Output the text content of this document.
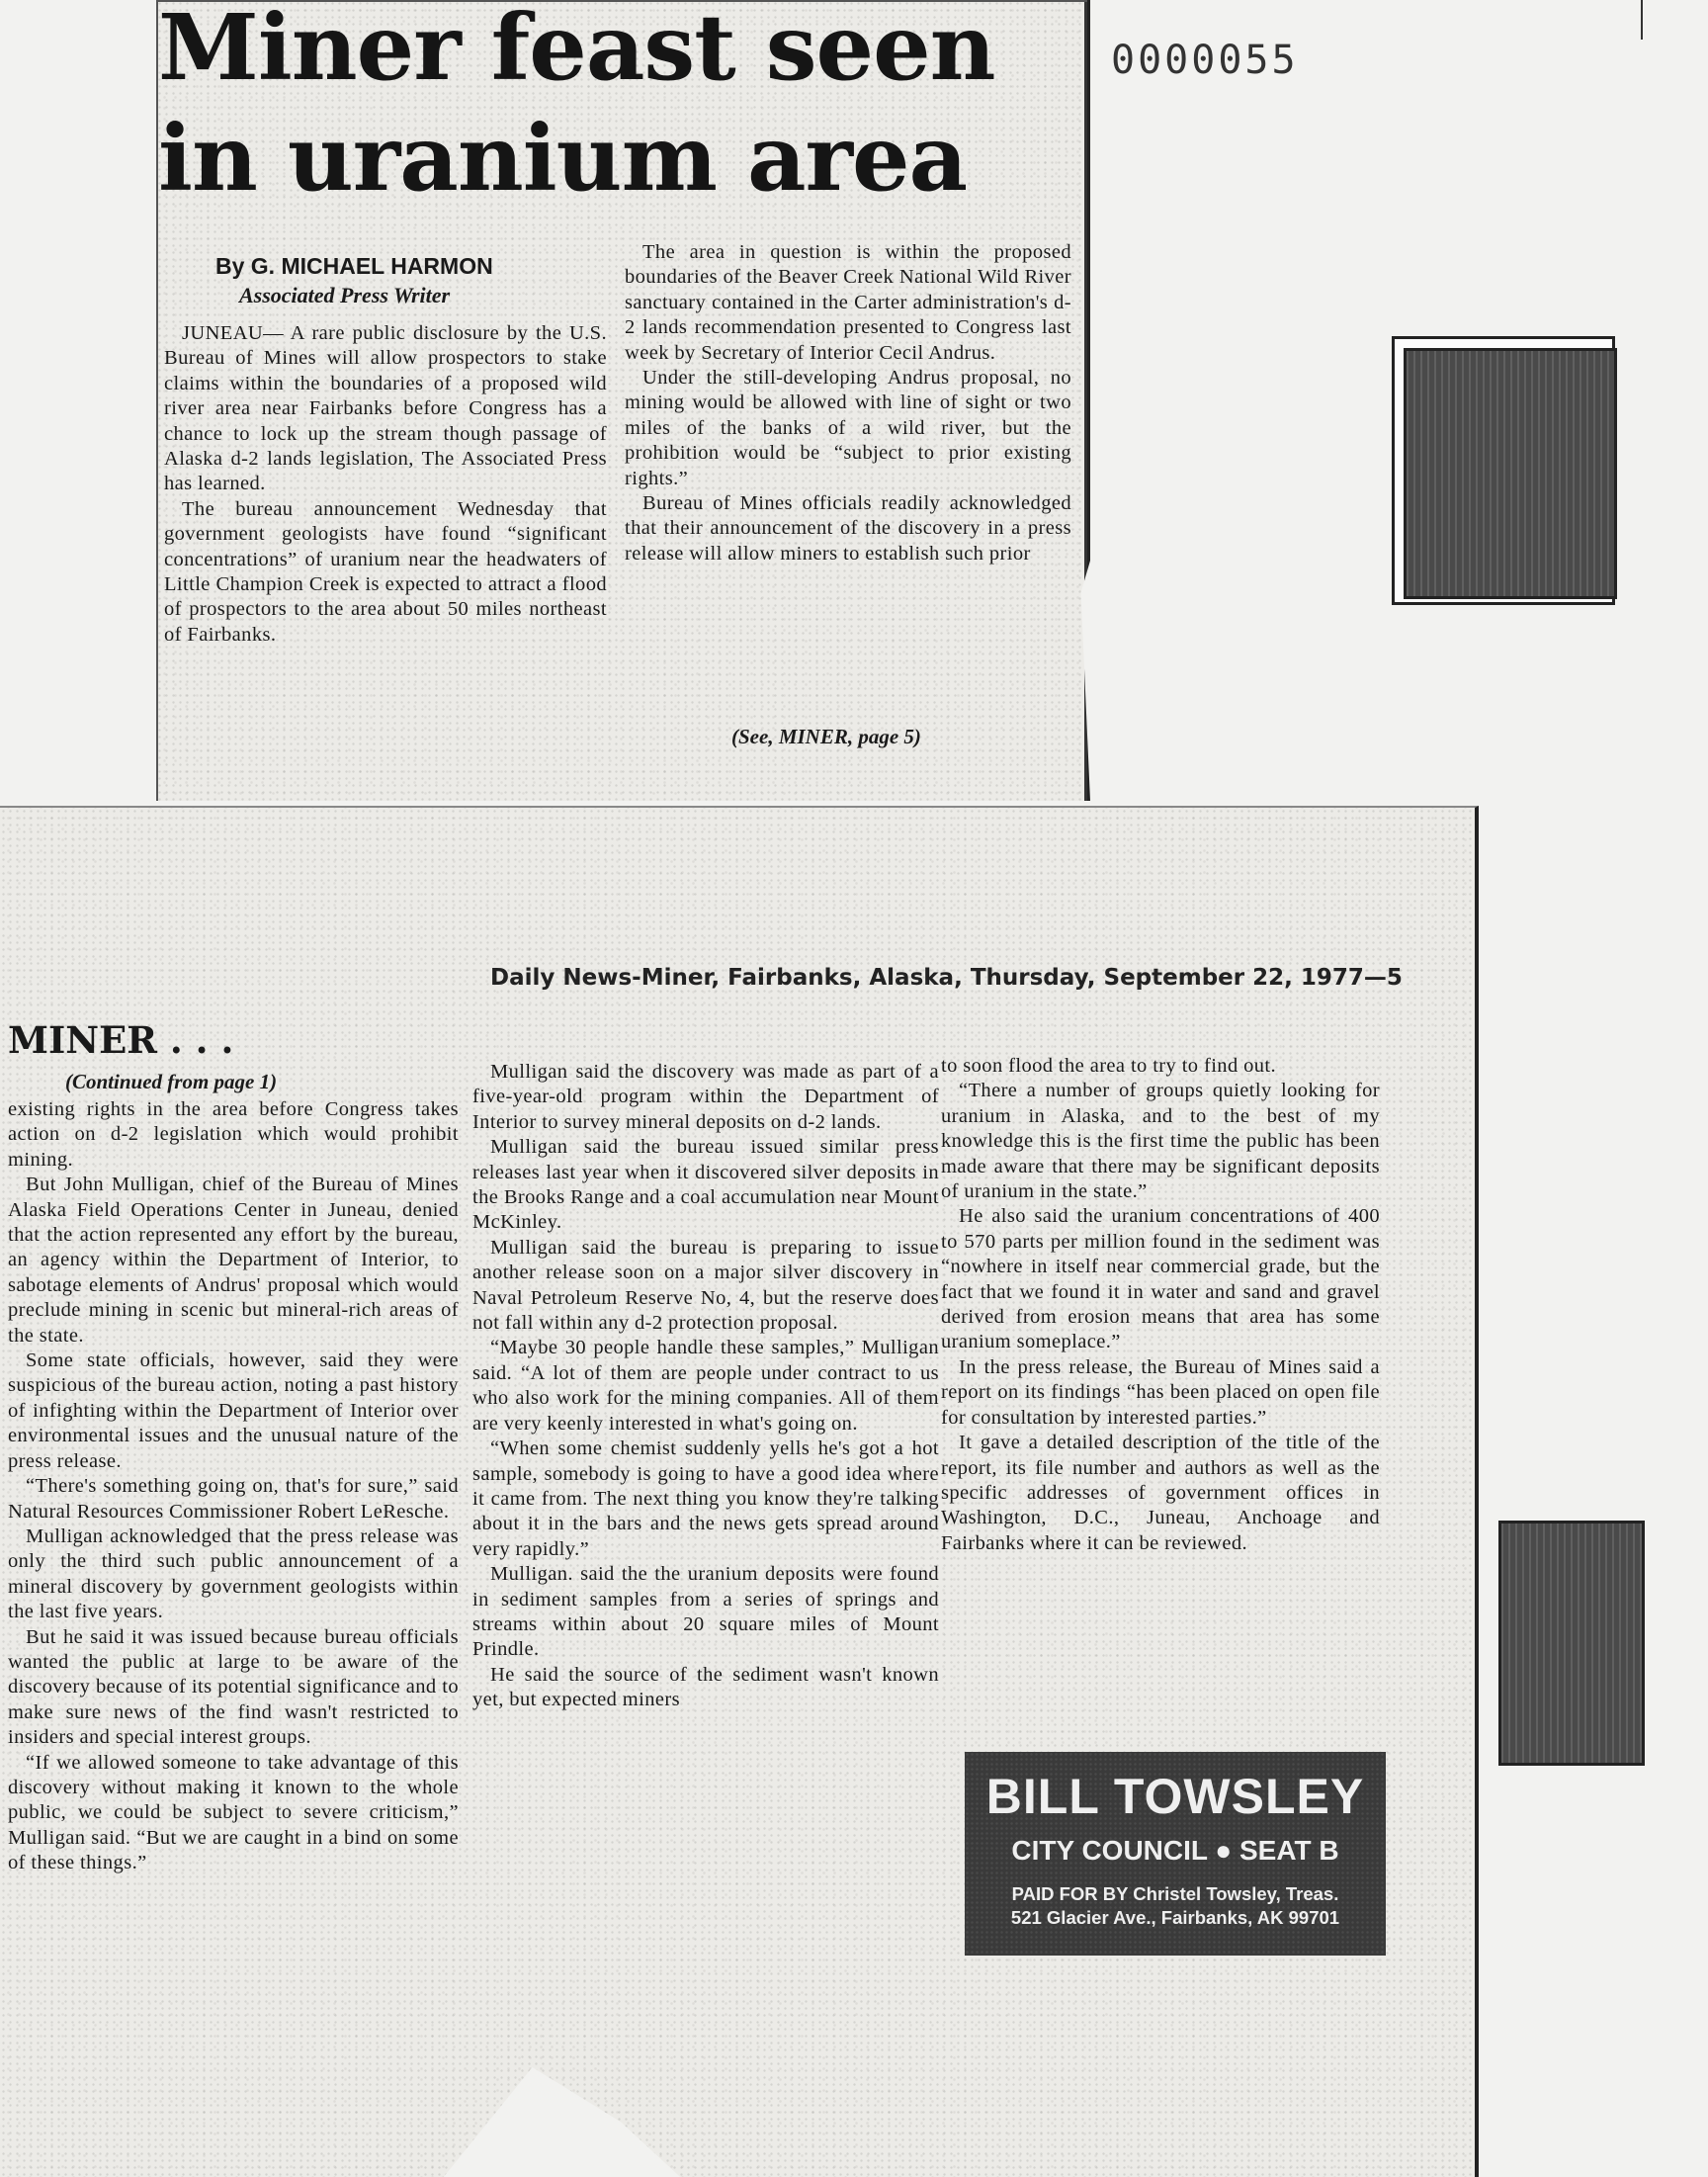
Miner feast seen in uranium area
0000055
By G. MICHAEL HARMON
Associated Press Writer

JUNEAU— A rare public disclosure by the U.S. Bureau of Mines will allow prospectors to stake claims within the boundaries of a proposed wild river area near Fairbanks before Congress has a chance to lock up the stream though passage of Alaska d-2 lands legislation, The Associated Press has learned.

The bureau announcement Wednesday that government geologists have found “significant concentrations” of uranium near the headwaters of Little Champion Creek is expected to attract a flood of prospectors to the area about 50 miles northeast of Fairbanks.

The area in question is within the proposed boundaries of the Beaver Creek National Wild River sanctuary contained in the Carter administration's d-2 lands recommendation presented to Congress last week by Secretary of Interior Cecil Andrus.

Under the still-developing Andrus proposal, no mining would be allowed with line of sight or two miles of the banks of a wild river, but the prohibition would be “subject to prior existing rights.”

Bureau of Mines officials readily acknowledged that their announcement of the discovery in a press release will allow miners to establish such prior

(See, MINER, page 5)
Daily News-Miner, Fairbanks, Alaska, Thursday, September 22, 1977—5
MINER . . .
(Continued from page 1)

existing rights in the area before Congress takes action on d-2 legislation which would prohibit mining.

But John Mulligan, chief of the Bureau of Mines Alaska Field Operations Center in Juneau, denied that the action represented any effort by the bureau, an agency within the Department of Interior, to sabotage elements of Andrus' proposal which would preclude mining in scenic but mineral-rich areas of the state.

Some state officials, however, said they were suspicious of the bureau action, noting a past history of infighting within the Department of Interior over environmental issues and the unusual nature of the press release.

“There's something going on, that's for sure,” said Natural Resources Commissioner Robert LeResche.

Mulligan acknowledged that the press release was only the third such public announcement of a mineral discovery by government geologists within the last five years.

But he said it was issued because bureau officials wanted the public at large to be aware of the discovery because of its potential significance and to make sure news of the find wasn't restricted to insiders and special interest groups.

“If we allowed someone to take advantage of this discovery without making it known to the whole public, we could be subject to severe criticism,” Mulligan said. “But we are caught in a bind on some of these things.”

Mulligan said the discovery was made as part of a five-year-old program within the Department of Interior to survey mineral deposits on d-2 lands.

Mulligan said the bureau issued similar press releases last year when it discovered silver deposits in the Brooks Range and a coal accumulation near Mount McKinley.

Mulligan said the bureau is preparing to issue another release soon on a major silver discovery in Naval Petroleum Reserve No, 4, but the reserve does not fall within any d-2 protection proposal.

“Maybe 30 people handle these samples,” Mulligan said. “A lot of them are people under contract to us who also work for the mining companies. All of them are very keenly interested in what's going on.

“When some chemist suddenly yells he's got a hot sample, somebody is going to have a good idea where it came from. The next thing you know they're talking about it in the bars and the news gets spread around very rapidly.”

Mulligan. said the the uranium deposits were found in sediment samples from a series of springs and streams within about 20 square miles of Mount Prindle.

He said the source of the sediment wasn't known yet, but expected miners

to soon flood the area to try to find out.

“There a number of groups quietly looking for uranium in Alaska, and to the best of my knowledge this is the first time the public has been made aware that there may be significant deposits of uranium in the state.”

He also said the uranium concentrations of 400 to 570 parts per million found in the sediment was “nowhere in itself near commercial grade, but the fact that we found it in water and sand and gravel derived from erosion means that area has some uranium someplace.”

In the press release, the Bureau of Mines said a report on its findings “has been placed on open file for consultation by interested parties.”

It gave a detailed description of the title of the report, its file number and authors as well as the specific addresses of government offices in Washington, D.C., Juneau, Anchoage and Fairbanks where it can be reviewed.

BILL TOWSLEY
CITY COUNCIL ● SEAT B
PAID FOR BY Christel Towsley, Treas.
521 Glacier Ave., Fairbanks, AK 99701
